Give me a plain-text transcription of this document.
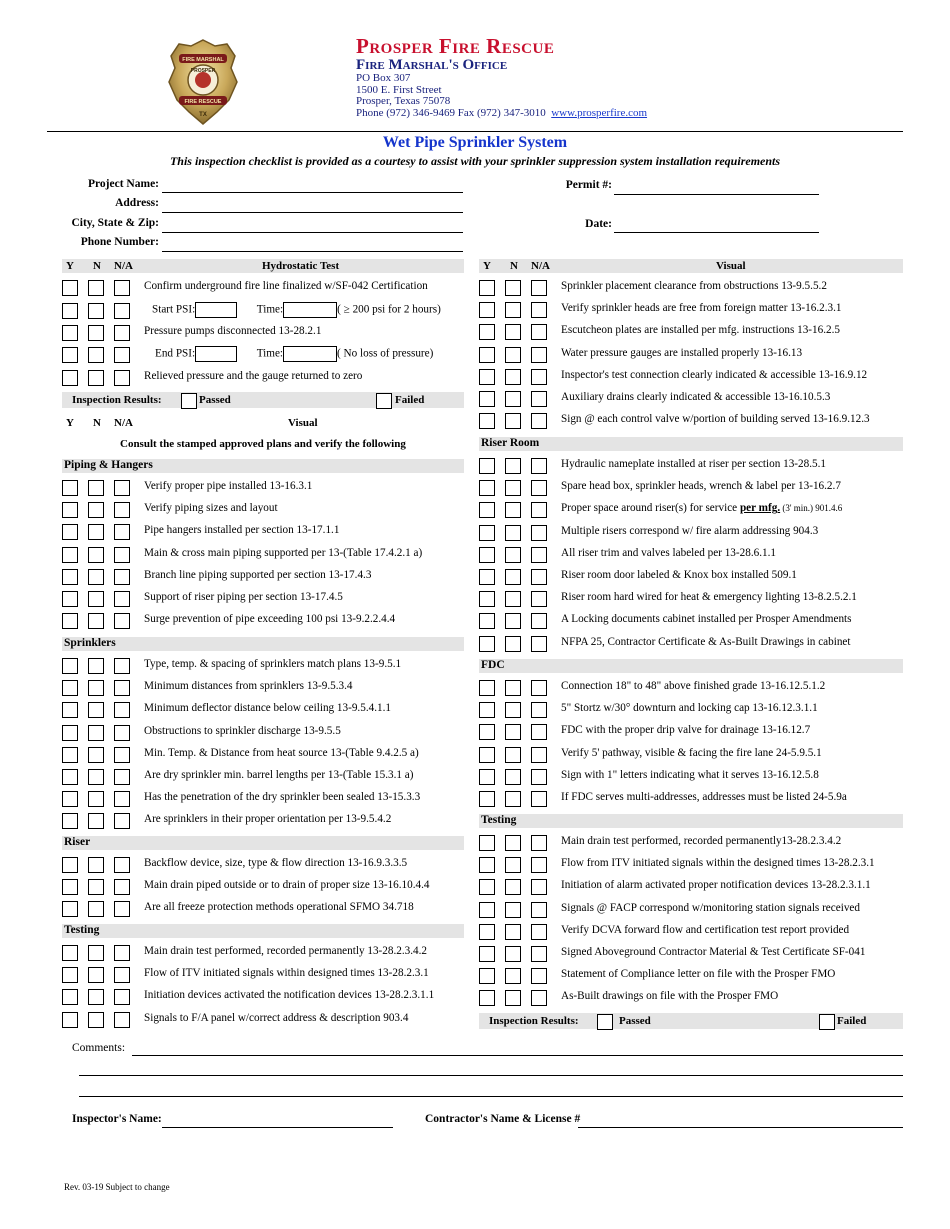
FIRE MARSHAL
PROSPER
FIRE RESCUE
TX
Prosper Fire Rescue
Fire Marshal's Office
PO Box 307
1500 E. First Street
Prosper, Texas 75078
Phone (972) 346-9469 Fax (972) 347-3010 www.prosperfire.com
Wet Pipe Sprinkler System
This inspection checklist is provided as a courtesy to assist with your sprinkler suppression system installation requirements
Project Name:
Address:
City, State & Zip:
Phone Number:
Permit #:
Date:
Y N N/A	Hydrostatic Test
Confirm underground fire line finalized w/SF-042 Certification
Start PSI:	Time:	( ≥ 200 psi for 2 hours)
Pressure pumps disconnected 13-28.2.1
End PSI:	Time:	( No loss of pressure)
Relieved pressure and the gauge returned to zero
Inspection Results:	Passed	Failed
Y N N/A	Visual
Consult the stamped approved plans and verify the following
Piping & Hangers
Verify proper pipe installed 13-16.3.1
Verify piping sizes and layout
Pipe hangers installed per section 13-17.1.1
Main & cross main piping supported per 13-(Table 17.4.2.1 a)
Branch line piping supported per section 13-17.4.3
Support of riser piping per section 13-17.4.5
Surge prevention of pipe exceeding 100 psi 13-9.2.2.4.4
Sprinklers
Type, temp. & spacing of sprinklers match plans 13-9.5.1
Minimum distances from sprinklers 13-9.5.3.4
Minimum deflector distance below ceiling 13-9.5.4.1.1
Obstructions to sprinkler discharge 13-9.5.5
Min. Temp. & Distance from heat source 13-(Table 9.4.2.5 a)
Are dry sprinkler min. barrel lengths per 13-(Table 15.3.1 a)
Has the penetration of the dry sprinkler been sealed 13-15.3.3
Are sprinklers in their proper orientation per 13-9.5.4.2
Riser
Backflow device, size, type & flow direction 13-16.9.3.3.5
Main drain piped outside or to drain of proper size 13-16.10.4.4
Are all freeze protection methods operational SFMO 34.718
Testing
Main drain test performed, recorded permanently 13-28.2.3.4.2
Flow of ITV initiated signals within designed times 13-28.2.3.1
Initiation devices activated the notification devices 13-28.2.3.1.1
Signals to F/A panel w/correct address & description 903.4
Y N N/A	Visual
Sprinkler placement clearance from obstructions 13-9.5.5.2
Verify sprinkler heads are free from foreign matter 13-16.2.3.1
Escutcheon plates are installed per mfg. instructions 13-16.2.5
Water pressure gauges are installed properly 13-16.13
Inspector's test connection clearly indicated & accessible 13-16.9.12
Auxiliary drains clearly indicated & accessible 13-16.10.5.3
Sign @ each control valve w/portion of building served 13-16.9.12.3
Riser Room
Hydraulic nameplate installed at riser per section 13-28.5.1
Spare head box, sprinkler heads, wrench & label per 13-16.2.7
Proper space around riser(s) for service per mfg. (3' min.) 901.4.6
Multiple risers correspond w/ fire alarm addressing 904.3
All riser trim and valves labeled per 13-28.6.1.1
Riser room door labeled & Knox box installed 509.1
Riser room hard wired for heat & emergency lighting 13-8.2.5.2.1
A Locking documents cabinet installed per Prosper Amendments
NFPA 25, Contractor Certificate & As-Built Drawings in cabinet
FDC
Connection 18" to 48" above finished grade 13-16.12.5.1.2
5" Stortz w/30° downturn and locking cap 13-16.12.3.1.1
FDC with the proper drip valve for drainage 13-16.12.7
Verify 5' pathway, visible & facing the fire lane 24-5.9.5.1
Sign with 1" letters indicating what it serves 13-16.12.5.8
If FDC serves multi-addresses, addresses must be listed 24-5.9a
Testing
Main drain test performed, recorded permanently13-28.2.3.4.2
Flow from ITV initiated signals within the designed times 13-28.2.3.1
Initiation of alarm activated proper notification devices 13-28.2.3.1.1
Signals @ FACP correspond w/monitoring station signals received
Verify DCVA forward flow and certification test report provided
Signed Aboveground Contractor Material & Test Certificate SF-041
Statement of Compliance letter on file with the Prosper FMO
As-Built drawings on file with the Prosper FMO
Inspection Results:	Passed	Failed
Comments:
Inspector's Name:	Contractor's Name & License #
Rev. 03-19 Subject to change
